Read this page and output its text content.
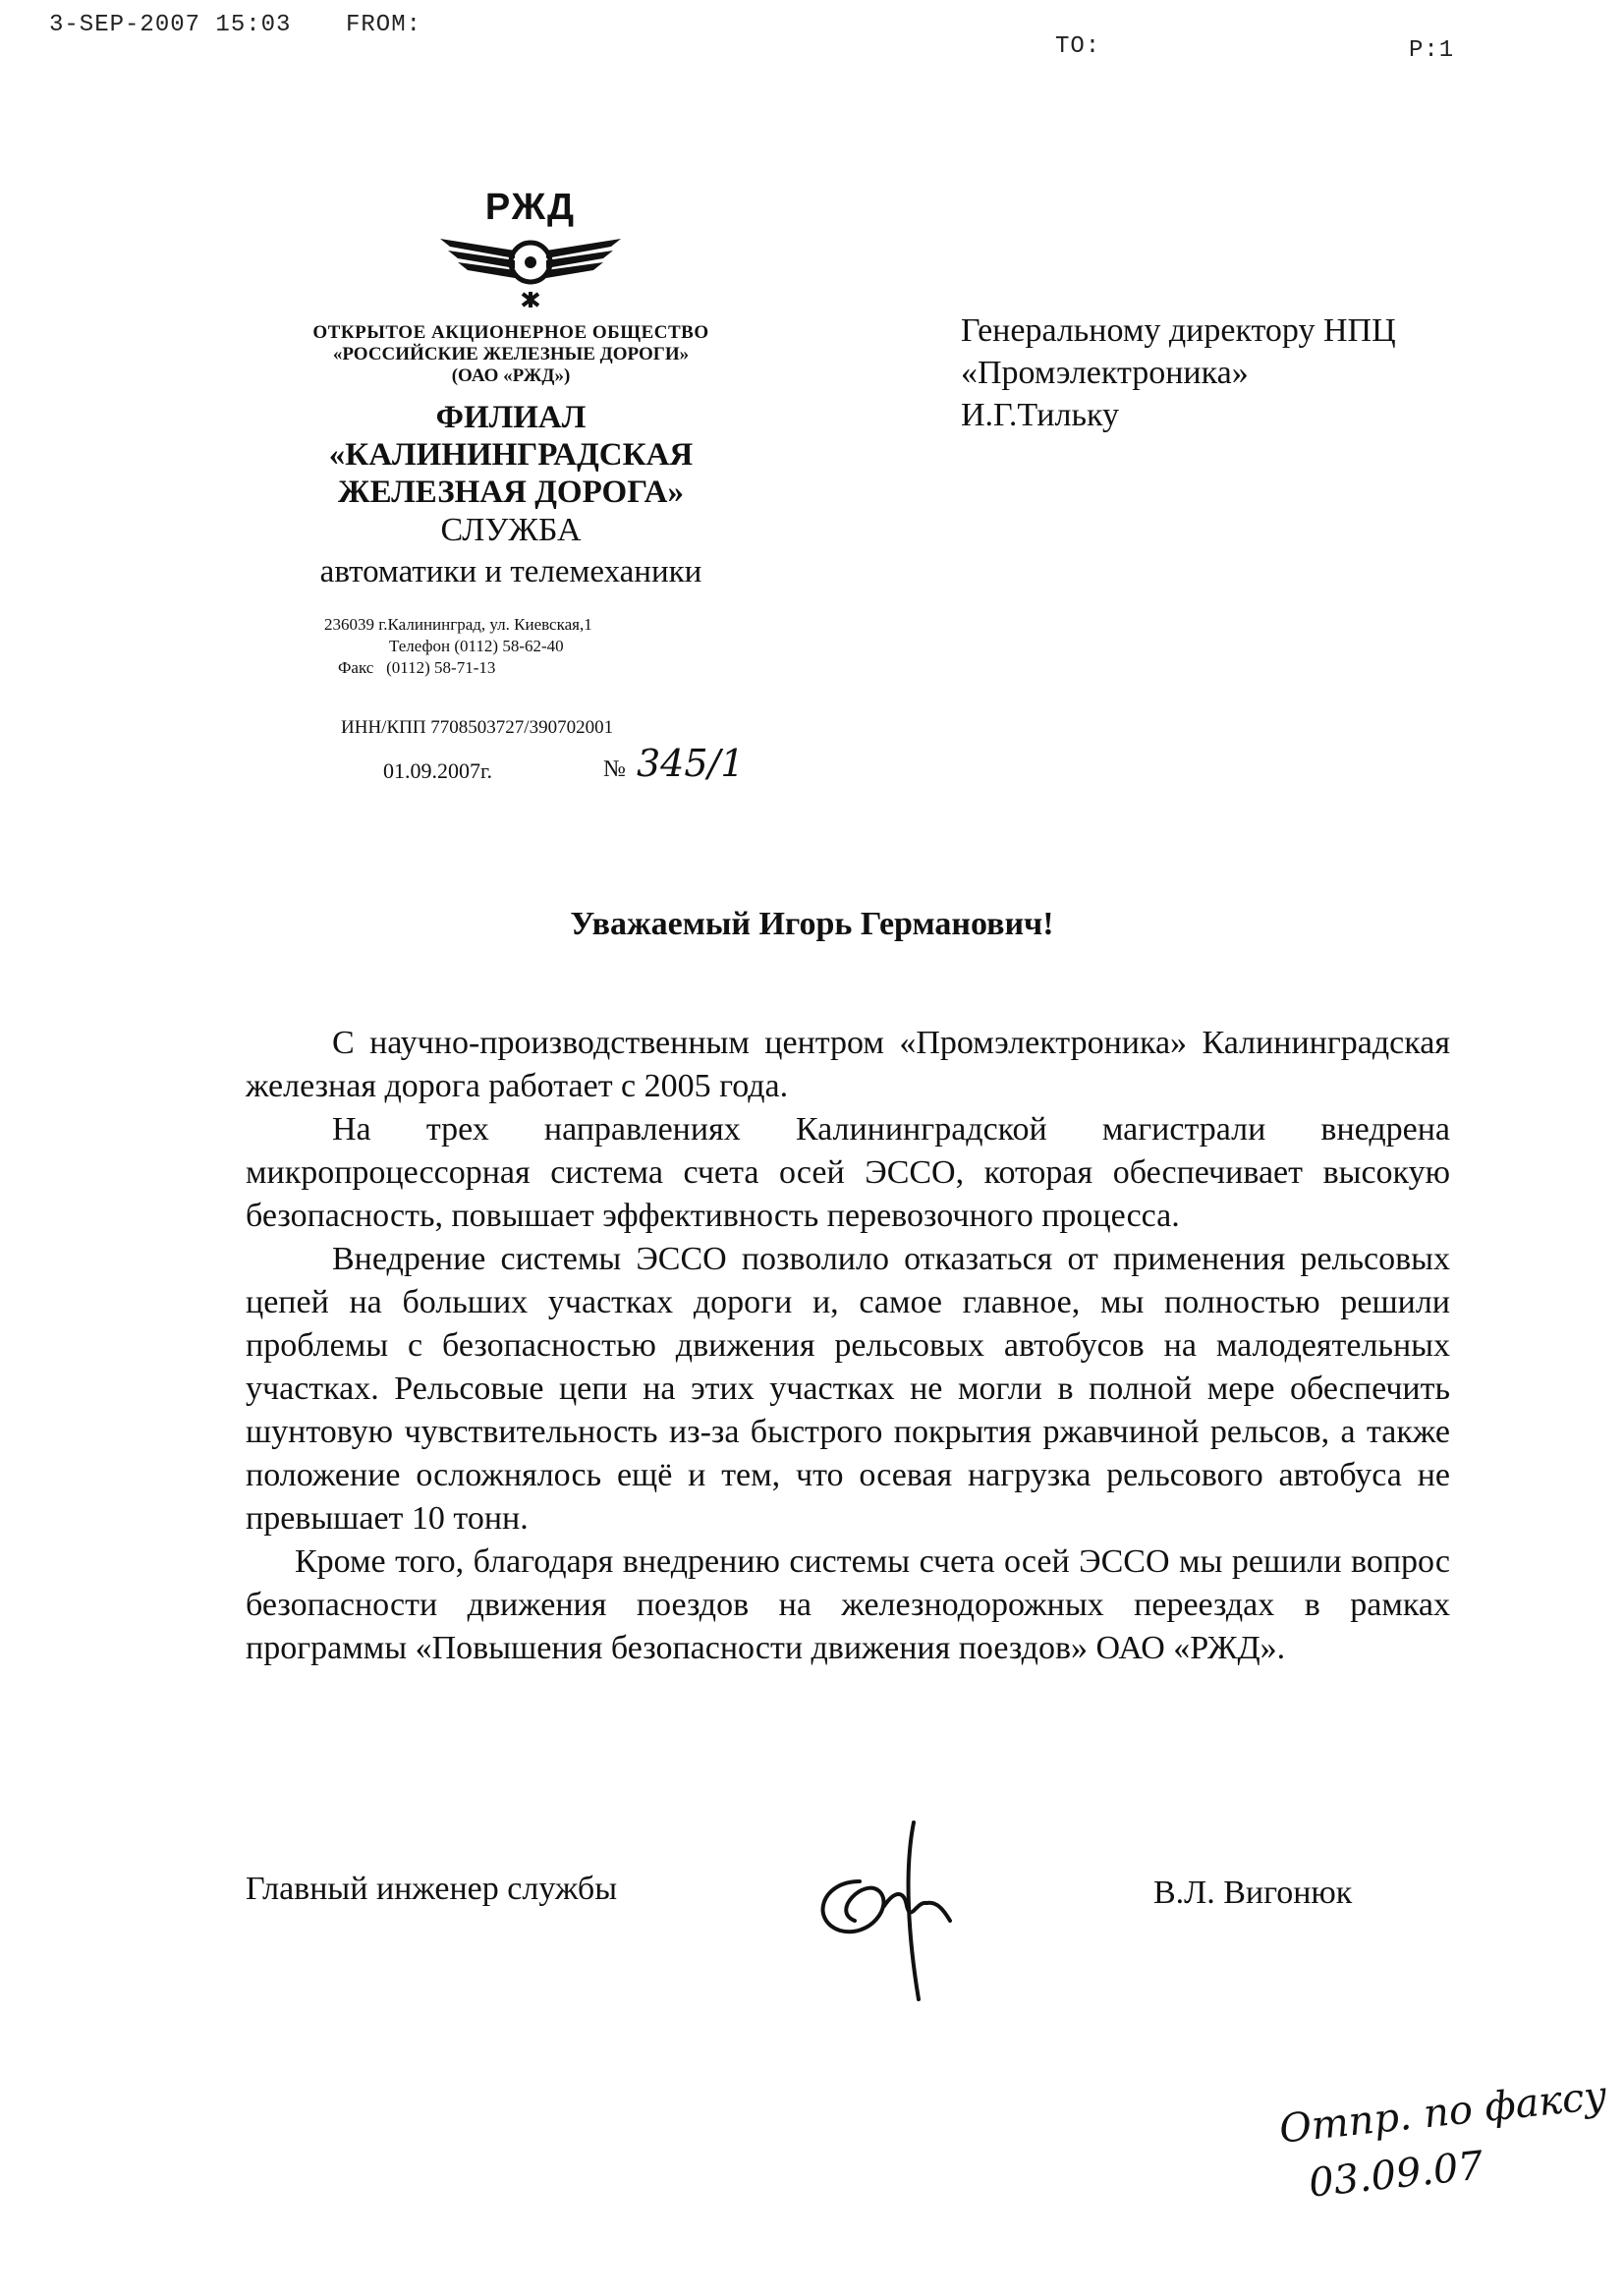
3-SEP-2007 15:03 FROM:
TO:	P:1
РЖД
ОТКРЫТОЕ АКЦИОНЕРНОЕ ОБЩЕСТВО
«РОССИЙСКИЕ ЖЕЛЕЗНЫЕ ДОРОГИ»
(ОАО «РЖД»)
ФИЛИАЛ
«КАЛИНИНГРАДСКАЯ
ЖЕЛЕЗНАЯ ДОРОГА»
СЛУЖБА
автоматики и телемеханики
236039 г.Калининград, ул. Киевская,1
Телефон (0112) 58-62-40
Факс   (0112) 58-71-13
ИНН/КПП 7708503727/390702001
01.09.2007г.	№ 345/1
Генеральному директору НПЦ
«Промэлектроника»
И.Г.Тильку
Уважаемый Игорь Германович!

С научно-производственным центром «Промэлектроника» Калининградская железная дорога работает с 2005 года.

На трех направлениях Калининградской магистрали внедрена микропроцессорная система счета осей ЭССО, которая обеспечивает высокую безопасность, повышает эффективность перевозочного процесса.

Внедрение системы ЭССО позволило отказаться от применения рельсовых цепей на больших участках дороги и, самое главное, мы полностью решили проблемы с безопасностью движения рельсовых автобусов на малодеятельных участках. Рельсовые цепи на этих участках не могли в полной мере обеспечить шунтовую чувствительность из-за быстрого покрытия ржавчиной рельсов, а также положение осложнялось ещё и тем, что осевая нагрузка рельсового автобуса не превышает 10 тонн.

Кроме того, благодаря внедрению системы счета осей ЭССО мы решили вопрос безопасности движения поездов на железнодорожных переездах в рамках программы «Повышения безопасности движения поездов» ОАО «РЖД».

Главный инженер службы	В.Л. Вигонюк
Отпр. по факсу
03.09.07
